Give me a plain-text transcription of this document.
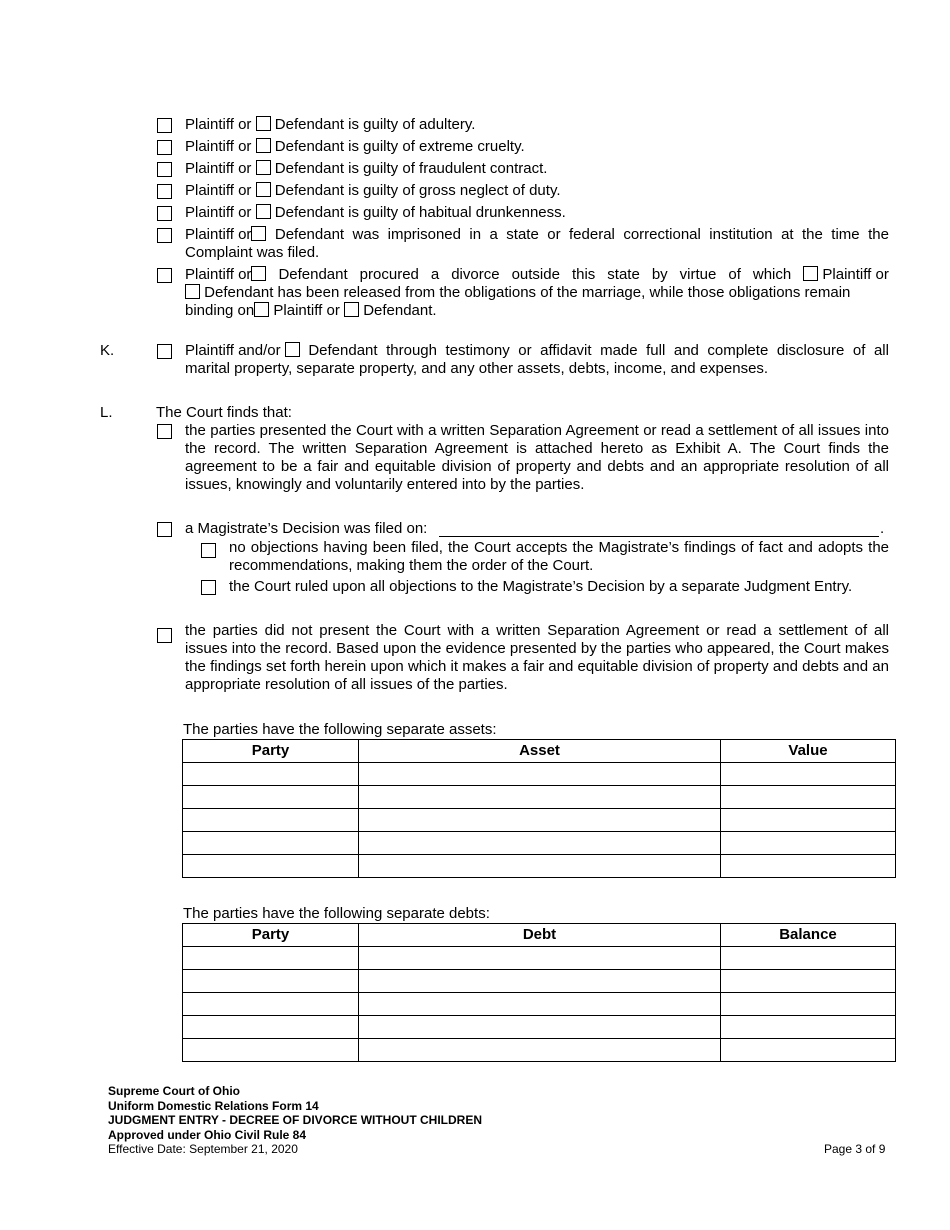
Plaintiff or Defendant is guilty of adultery.
Plaintiff or Defendant is guilty of extreme cruelty.
Plaintiff or Defendant is guilty of fraudulent contract.
Plaintiff or Defendant is guilty of gross neglect of duty.
Plaintiff or Defendant is guilty of habitual drunkenness.
Plaintiff or	Defendant was imprisoned in a state or federal correctional institution at the time the
Complaint was filed.
Plaintiff or	Defendant procured a divorce outside this state by virtue of which	Plaintiff or
Defendant has been released from the obligations of the marriage, while those obligations remain
binding on Plaintiff or Defendant.
K.	Plaintiff and/or	Defendant through testimony or affidavit made full and complete disclosure of all
marital property, separate property, and any other assets, debts, income, and expenses.
L.	The Court finds that:
the parties presented the Court with a written Separation Agreement or read a settlement of all issues into the record. The written Separation Agreement is attached hereto as Exhibit A. The Court finds the agreement to be a fair and equitable division of property and debts and an appropriate resolution of all issues, knowingly and voluntarily entered into by the parties.
a Magistrate’s Decision was filed on:	.
no objections having been filed, the Court accepts the Magistrate’s findings of fact and adopts the recommendations, making them the order of the Court.
the Court ruled upon all objections to the Magistrate’s Decision by a separate Judgment Entry.
the parties did not present the Court with a written Separation Agreement or read a settlement of all issues into the record. Based upon the evidence presented by the parties who appeared, the Court makes the findings set forth herein upon which it makes a fair and equitable division of property and debts and an appropriate resolution of all issues of the parties.
The parties have the following separate assets:
Party	Asset	Value

The parties have the following separate debts:
Party	Debt	Balance

Supreme Court of Ohio
Uniform Domestic Relations Form 14
JUDGMENT ENTRY - DECREE OF DIVORCE WITHOUT CHILDREN
Approved under Ohio Civil Rule 84
Effective Date: September 21, 2020	Page 3 of 9
